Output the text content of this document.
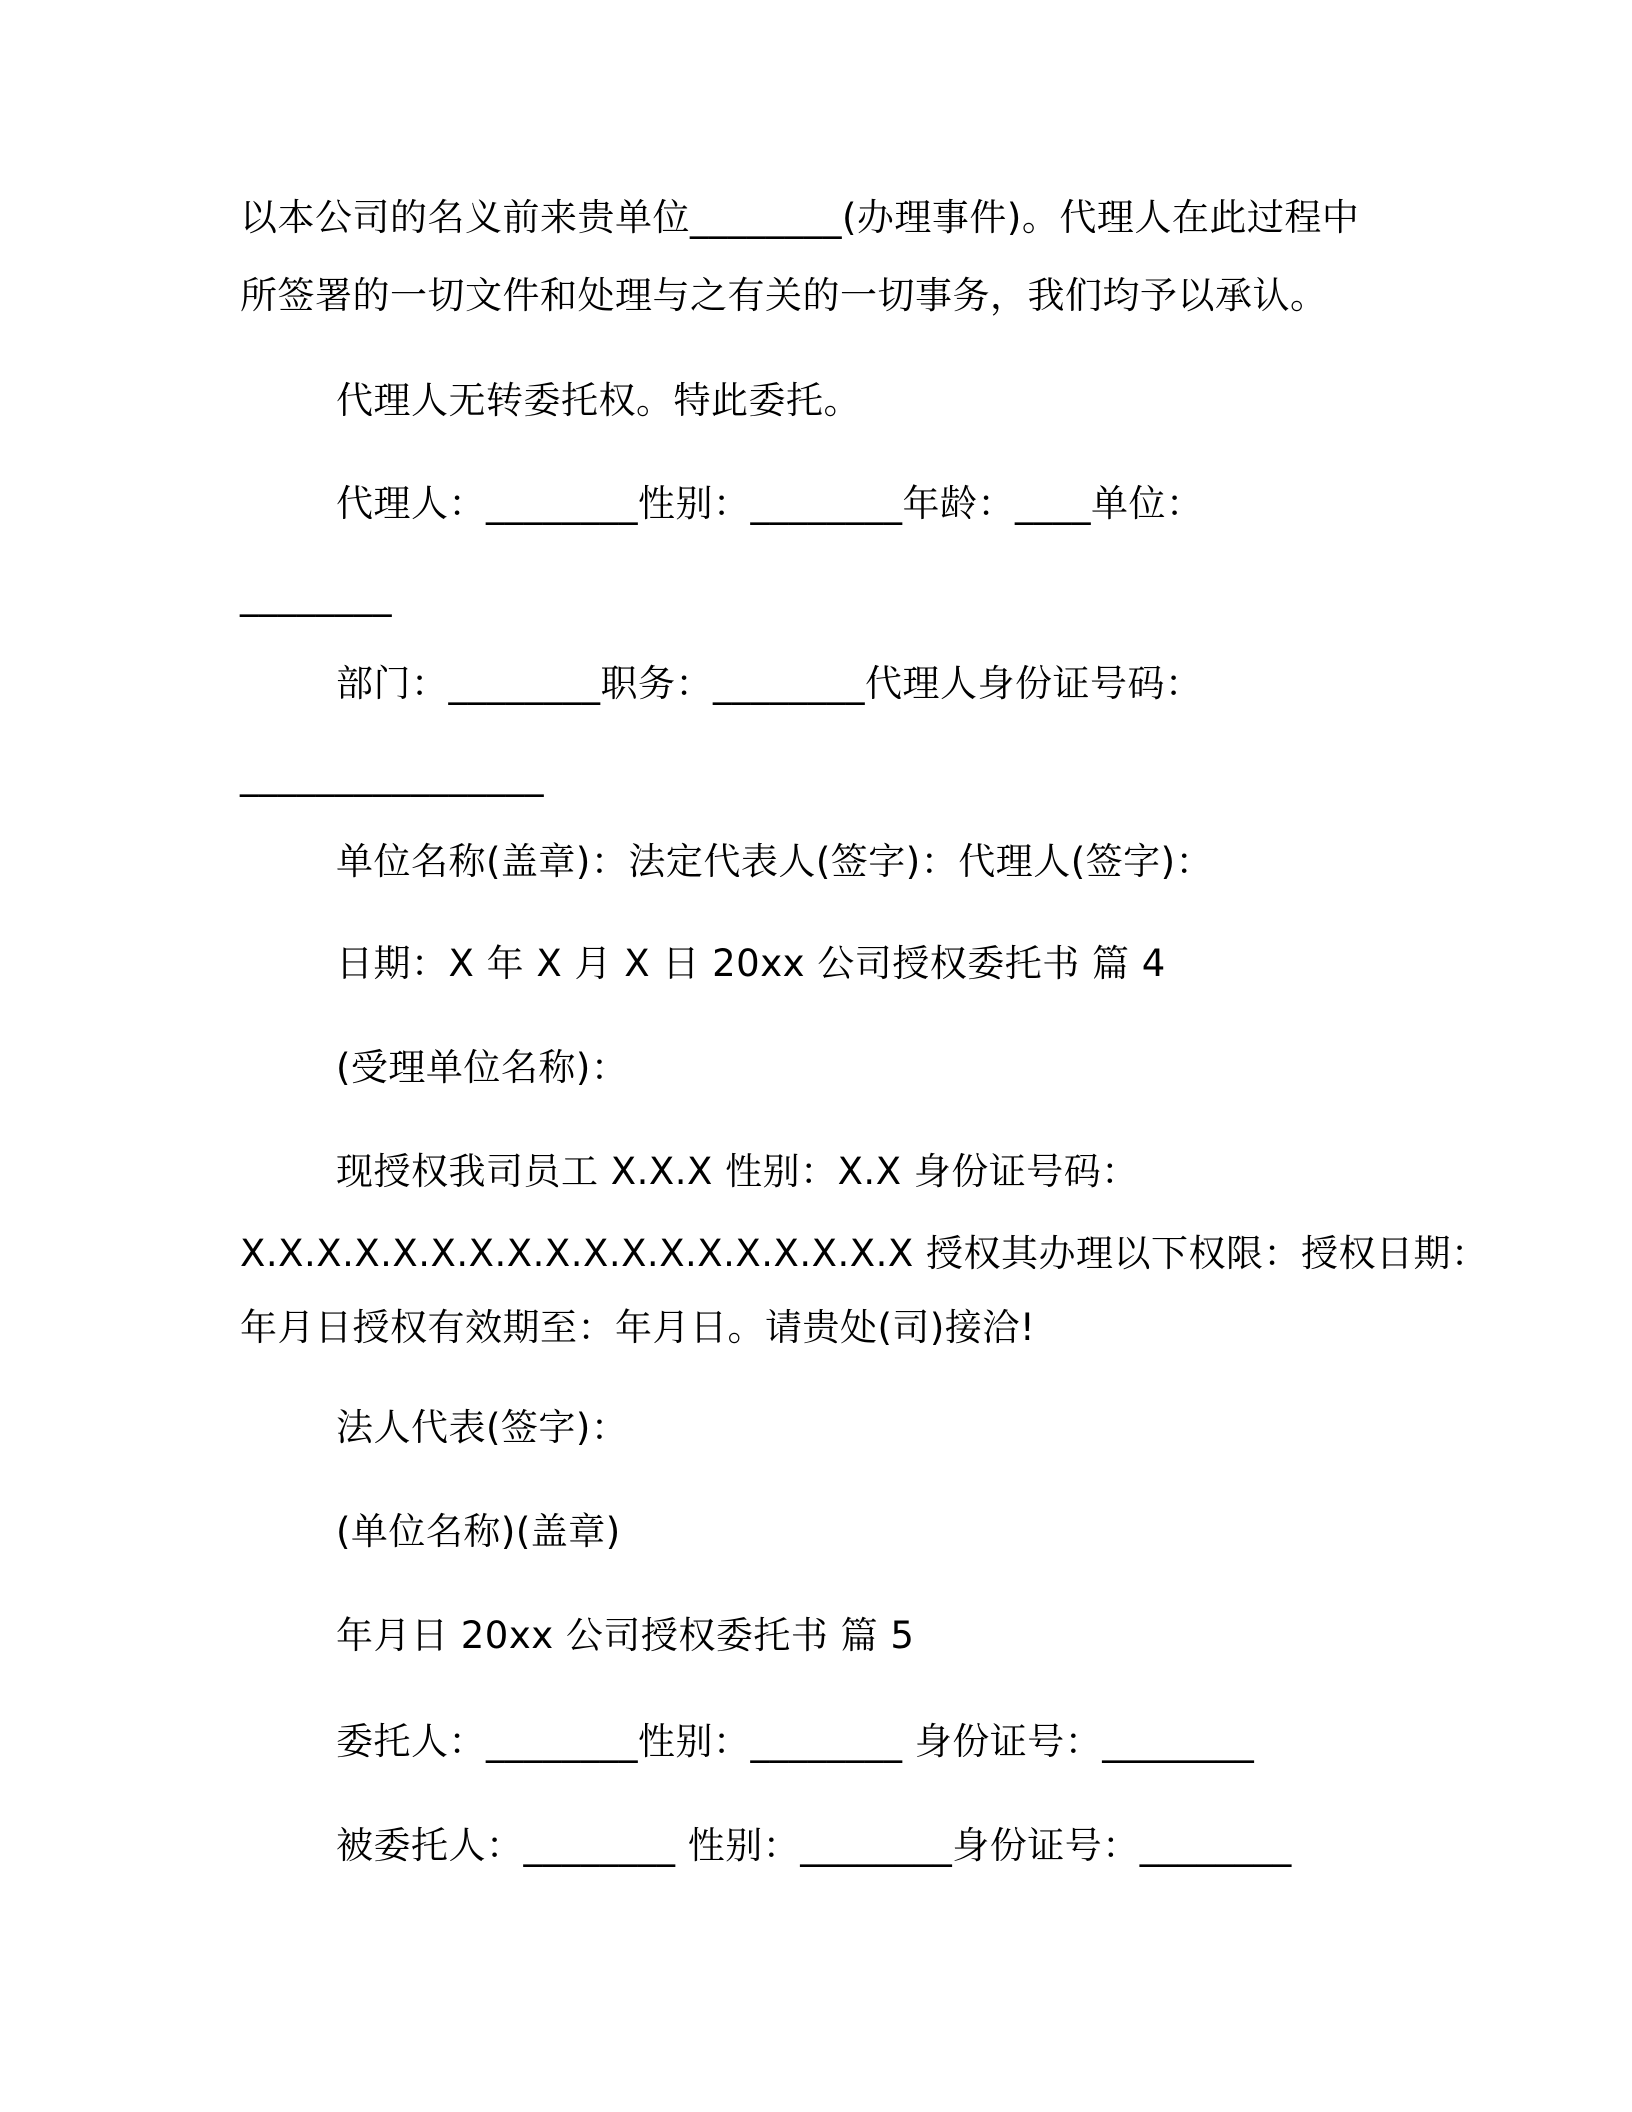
以本公司的名义前来贵单位________(办理事件)。代理人在此过程中
所签署的一切文件和处理与之有关的一切事务，我们均予以承认。
代理人无转委托权。特此委托。
代理人：________性别：________年龄：____单位：
________
部门：________职务：________代理人身份证号码：
________________
单位名称(盖章)：法定代表人(签字)：代理人(签字)：
日期：X 年 X 月 X 日 20xx 公司授权委托书 篇 4
(受理单位名称)：
现授权我司员工 X.X.X 性别：X.X 身份证号码：
X.X.X.X.X.X.X.X.X.X.X.X.X.X.X.X.X.X 授权其办理以下权限：授权日期：
年月日授权有效期至：年月日。请贵处(司)接洽!
法人代表(签字)：
(单位名称)(盖章)
年月日 20xx 公司授权委托书 篇 5
委托人：________性别：________ 身份证号：________
被委托人：________ 性别：________身份证号：________
